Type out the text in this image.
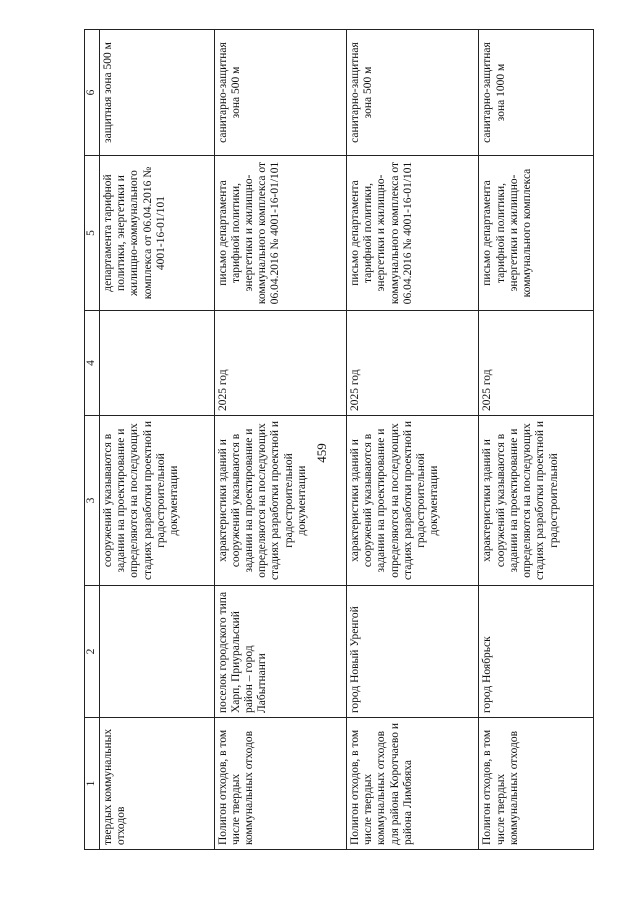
459
1	2	3	4	5	6
твердых коммунальных отходов		сооружений указываются в задании на проектирование и определяются на последующих стадиях разработки проектной и градостроительной документации		департамента тарифной политики, энергетики и жилищно-коммунального комплекса от 06.04.2016 № 4001-16-01/101	защитная зона 500 м
Полигон отходов, в том числе твердых коммунальных отходов	поселок городского типа Харп, Приуральский район – город Лабытнанги	характеристики зданий и сооружений указываются в задании на проектирование и определяются на последующих стадиях разработки проектной и градостроительной документации	2025 год	письмо департамента тарифной политики, энергетики и жилищно-коммунального комплекса от 06.04.2016 № 4001-16-01/101	санитарно-защитная зона 500 м
Полигон отходов, в том числе твердых коммунальных отходов для района Коротчаево и района Лимбяяха	город Новый Уренгой	характеристики зданий и сооружений указываются в задании на проектирование и определяются на последующих стадиях разработки проектной и градостроительной документации	2025 год	письмо департамента тарифной политики, энергетики и жилищно-коммунального комплекса от 06.04.2016 № 4001-16-01/101	санитарно-защитная зона 500 м
Полигон отходов, в том числе твердых коммунальных отходов	город Ноябрьск	характеристики зданий и сооружений указываются в задании на проектирование и определяются на последующих стадиях разработки проектной и градостроительной	2025 год	письмо департамента тарифной политики, энергетики и жилищно-коммунального комплекса	санитарно-защитная зона 1000 м
